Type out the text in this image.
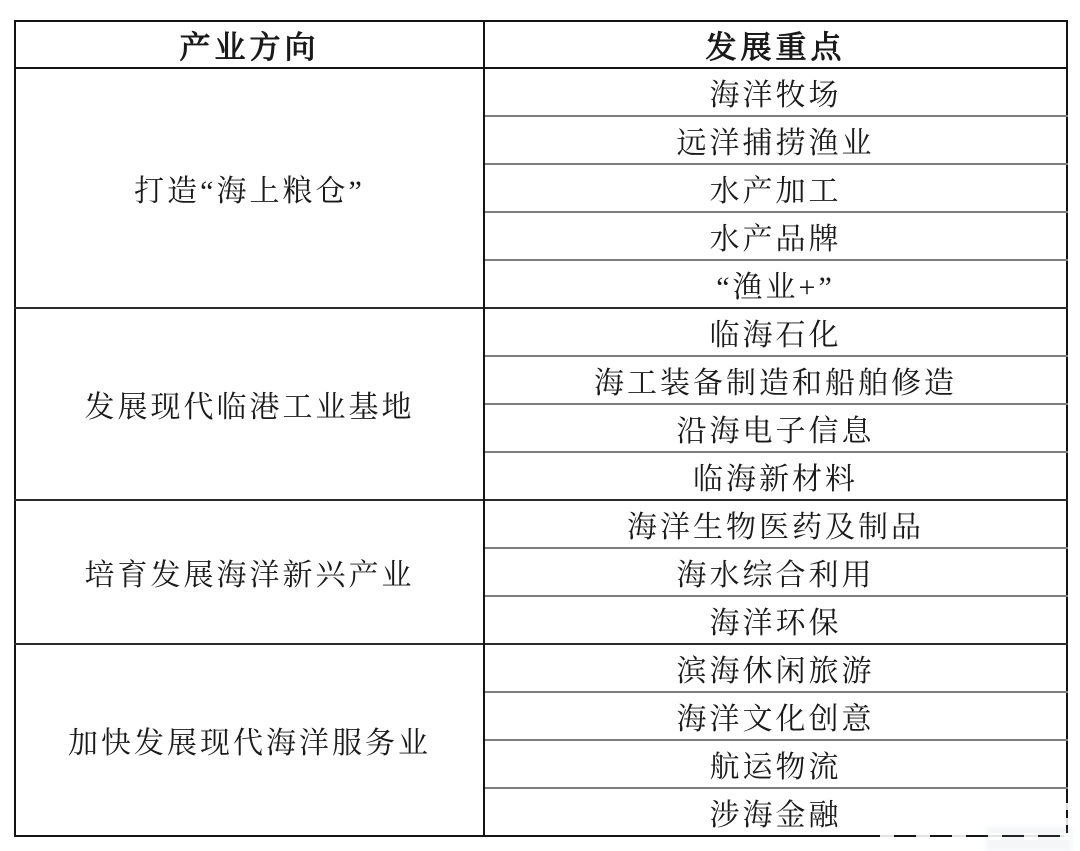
产业方向	发展重点
打造“海上粮仓”	海洋牧场
	远洋捕捞渔业
	水产加工
	水产品牌
	“渔业+”
发展现代临港工业基地	临海石化
	海工装备制造和船舶修造
	沿海电子信息
	临海新材料
培育发展海洋新兴产业	海洋生物医药及制品
	海水综合利用
	海洋环保
加快发展现代海洋服务业	滨海休闲旅游
	海洋文化创意
	航运物流
	涉海金融
